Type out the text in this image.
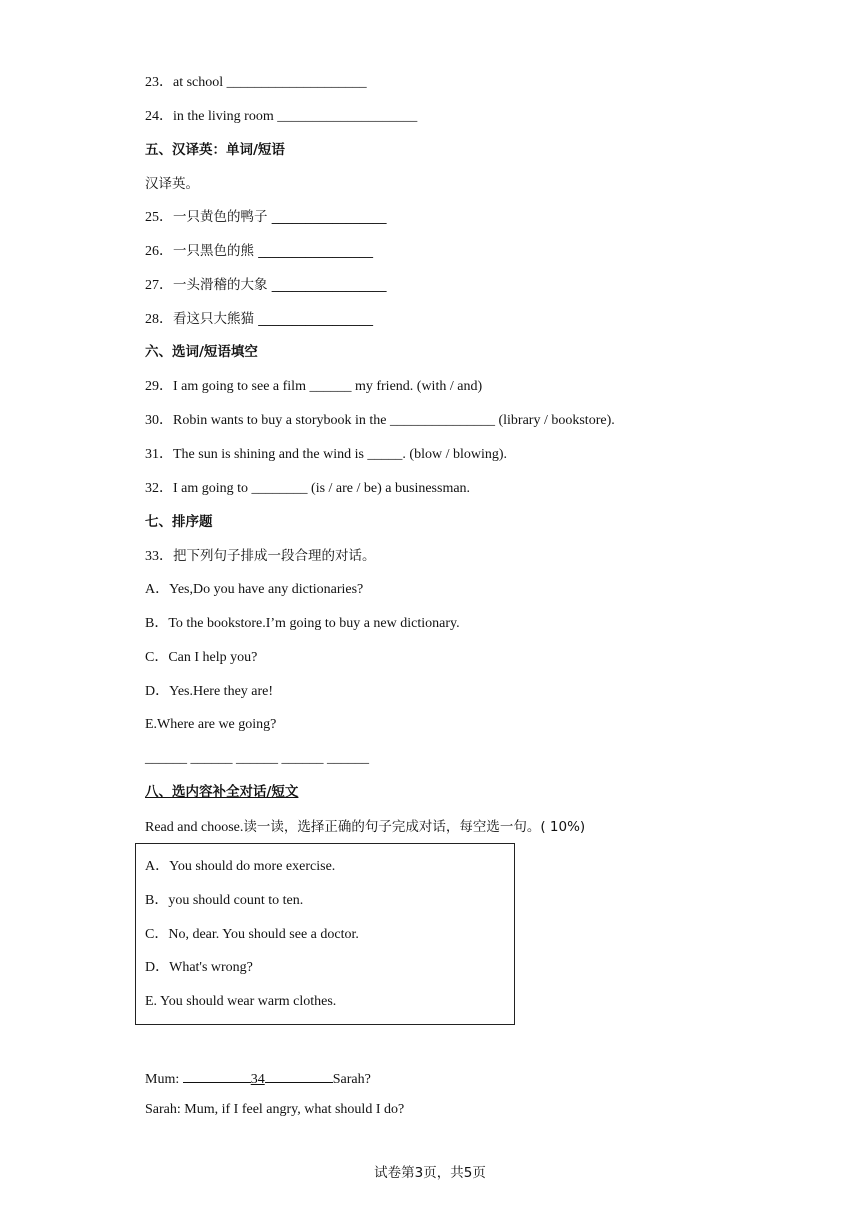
23．at school ____________________
24．in the living room ____________________
五、汉译英：单词/短语
汉译英。
25．一只黄色的鸭子 _________________
26．一只黑色的熊 _________________
27．一头滑稽的大象 _________________
28．看这只大熊猫 _________________
六、选词/短语填空
29．I am going to see a film ______ my friend. (with / and)
30．Robin wants to buy a storybook in the _______________ (library / bookstore).
31．The sun is shining and the wind is _____. (blow / blowing).
32．I am going to ________ (is / are / be) a businessman.
七、排序题
33．把下列句子排成一段合理的对话。
A．Yes,Do you have any dictionaries?
B．To the bookstore.I’m going to buy a new dictionary.
C．Can I help you?
D．Yes.Here they are!
E.Where are we going?
______ ______ ______ ______ ______
八、选内容补全对话/短文
Read and choose.读一读，选择正确的句子完成对话，每空选一句。( 10%)
A．You should do more exercise.
B．you should count to ten.
C．No, dear. You should see a doctor.
D．What's wrong?
E. You should wear warm clothes.
Mum:	34	Sarah?
Sarah: Mum, if I feel angry, what should I do?
试卷第3页，共5页
